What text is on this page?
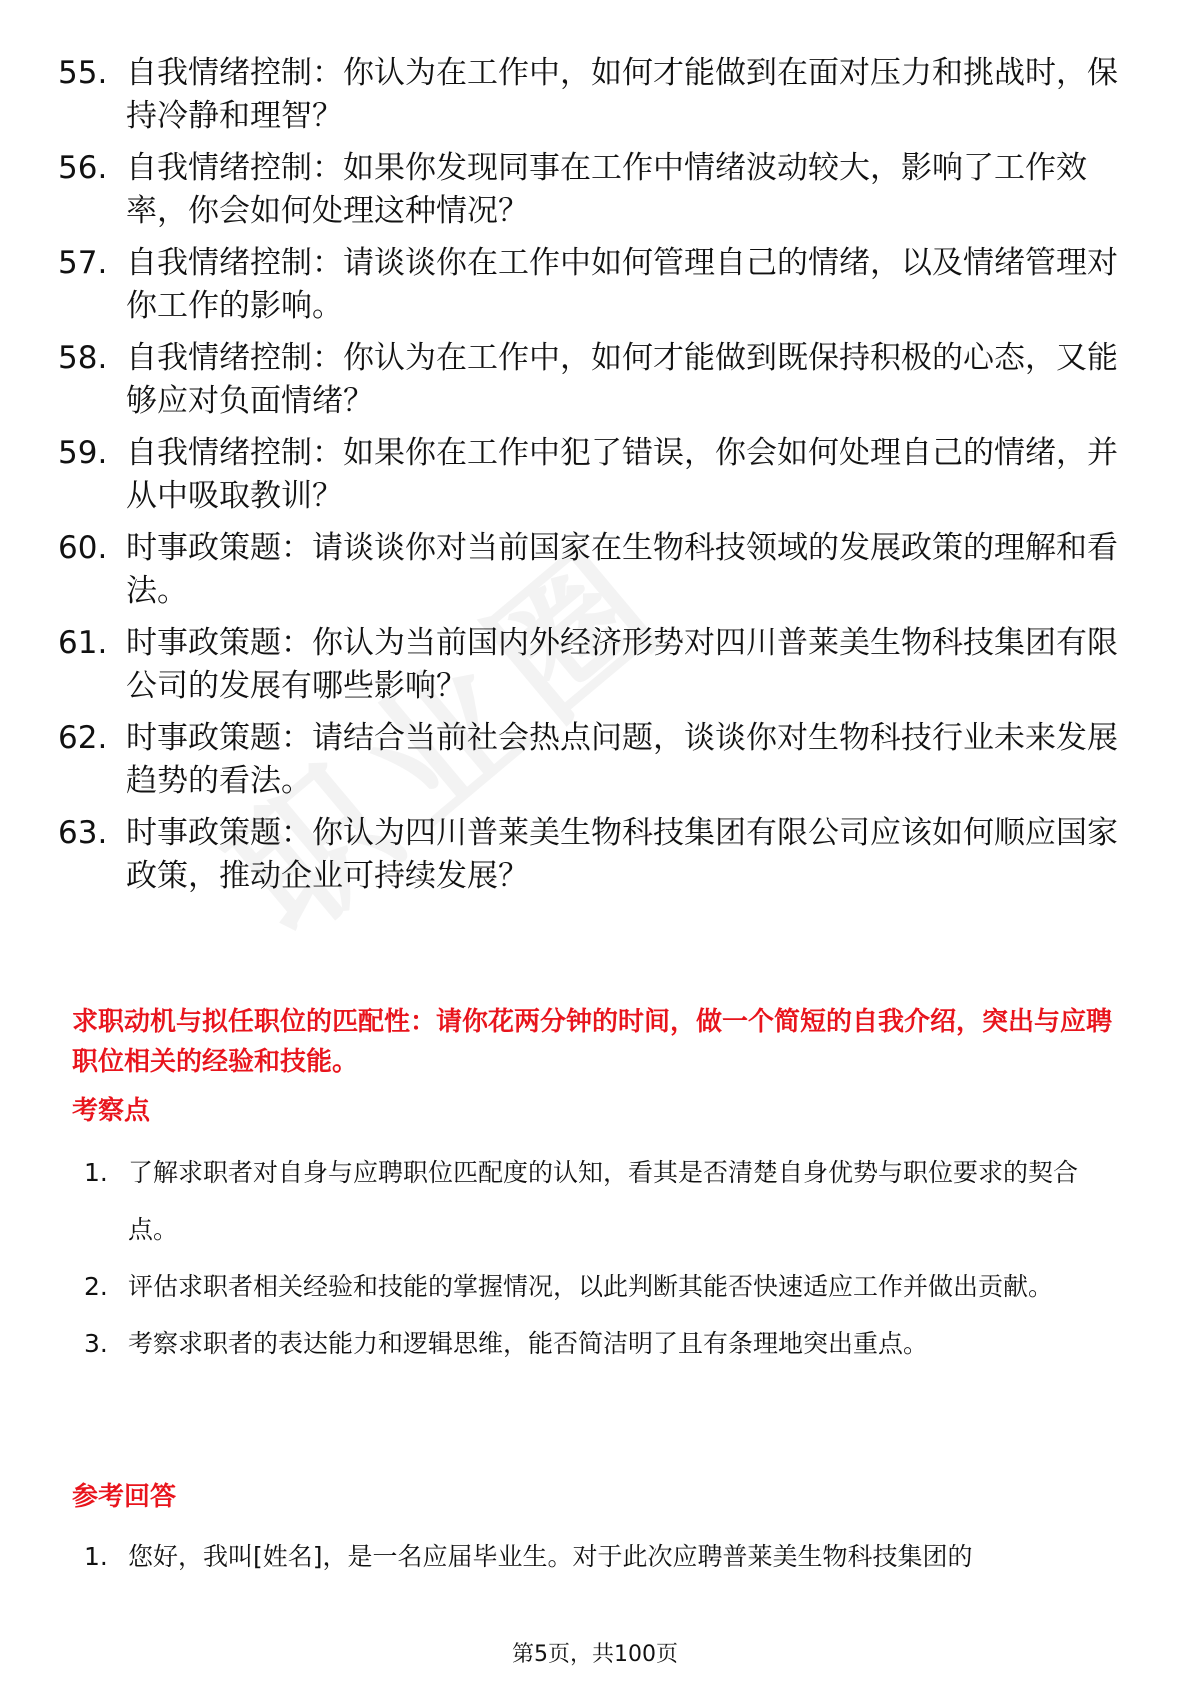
55. 自我情绪控制：你认为在工作中，如何才能做到在面对压力和挑战时，保持冷静和理智？
56. 自我情绪控制：如果你发现同事在工作中情绪波动较大，影响了工作效率，你会如何处理这种情况？
57. 自我情绪控制：请谈谈你在工作中如何管理自己的情绪，以及情绪管理对你工作的影响。
58. 自我情绪控制：你认为在工作中，如何才能做到既保持积极的心态，又能够应对负面情绪？
59. 自我情绪控制：如果你在工作中犯了错误，你会如何处理自己的情绪，并从中吸取教训？
60. 时事政策题：请谈谈你对当前国家在生物科技领域的发展政策的理解和看法。
61. 时事政策题：你认为当前国内外经济形势对四川普莱美生物科技集团有限公司的发展有哪些影响？
62. 时事政策题：请结合当前社会热点问题，谈谈你对生物科技行业未来发展趋势的看法。
63. 时事政策题：你认为四川普莱美生物科技集团有限公司应该如何顺应国家政策，推动企业可持续发展？
求职动机与拟任职位的匹配性：请你花两分钟的时间，做一个简短的自我介绍，突出与应聘职位相关的经验和技能。
考察点
1. 了解求职者对自身与应聘职位匹配度的认知，看其是否清楚自身优势与职位要求的契合点。
2. 评估求职者相关经验和技能的掌握情况，以此判断其能否快速适应工作并做出贡献。
3. 考察求职者的表达能力和逻辑思维，能否简洁明了且有条理地突出重点。
参考回答
1. 您好，我叫[姓名]，是一名应届毕业生。对于此次应聘普莱美生物科技集团的
第5页，共100页
